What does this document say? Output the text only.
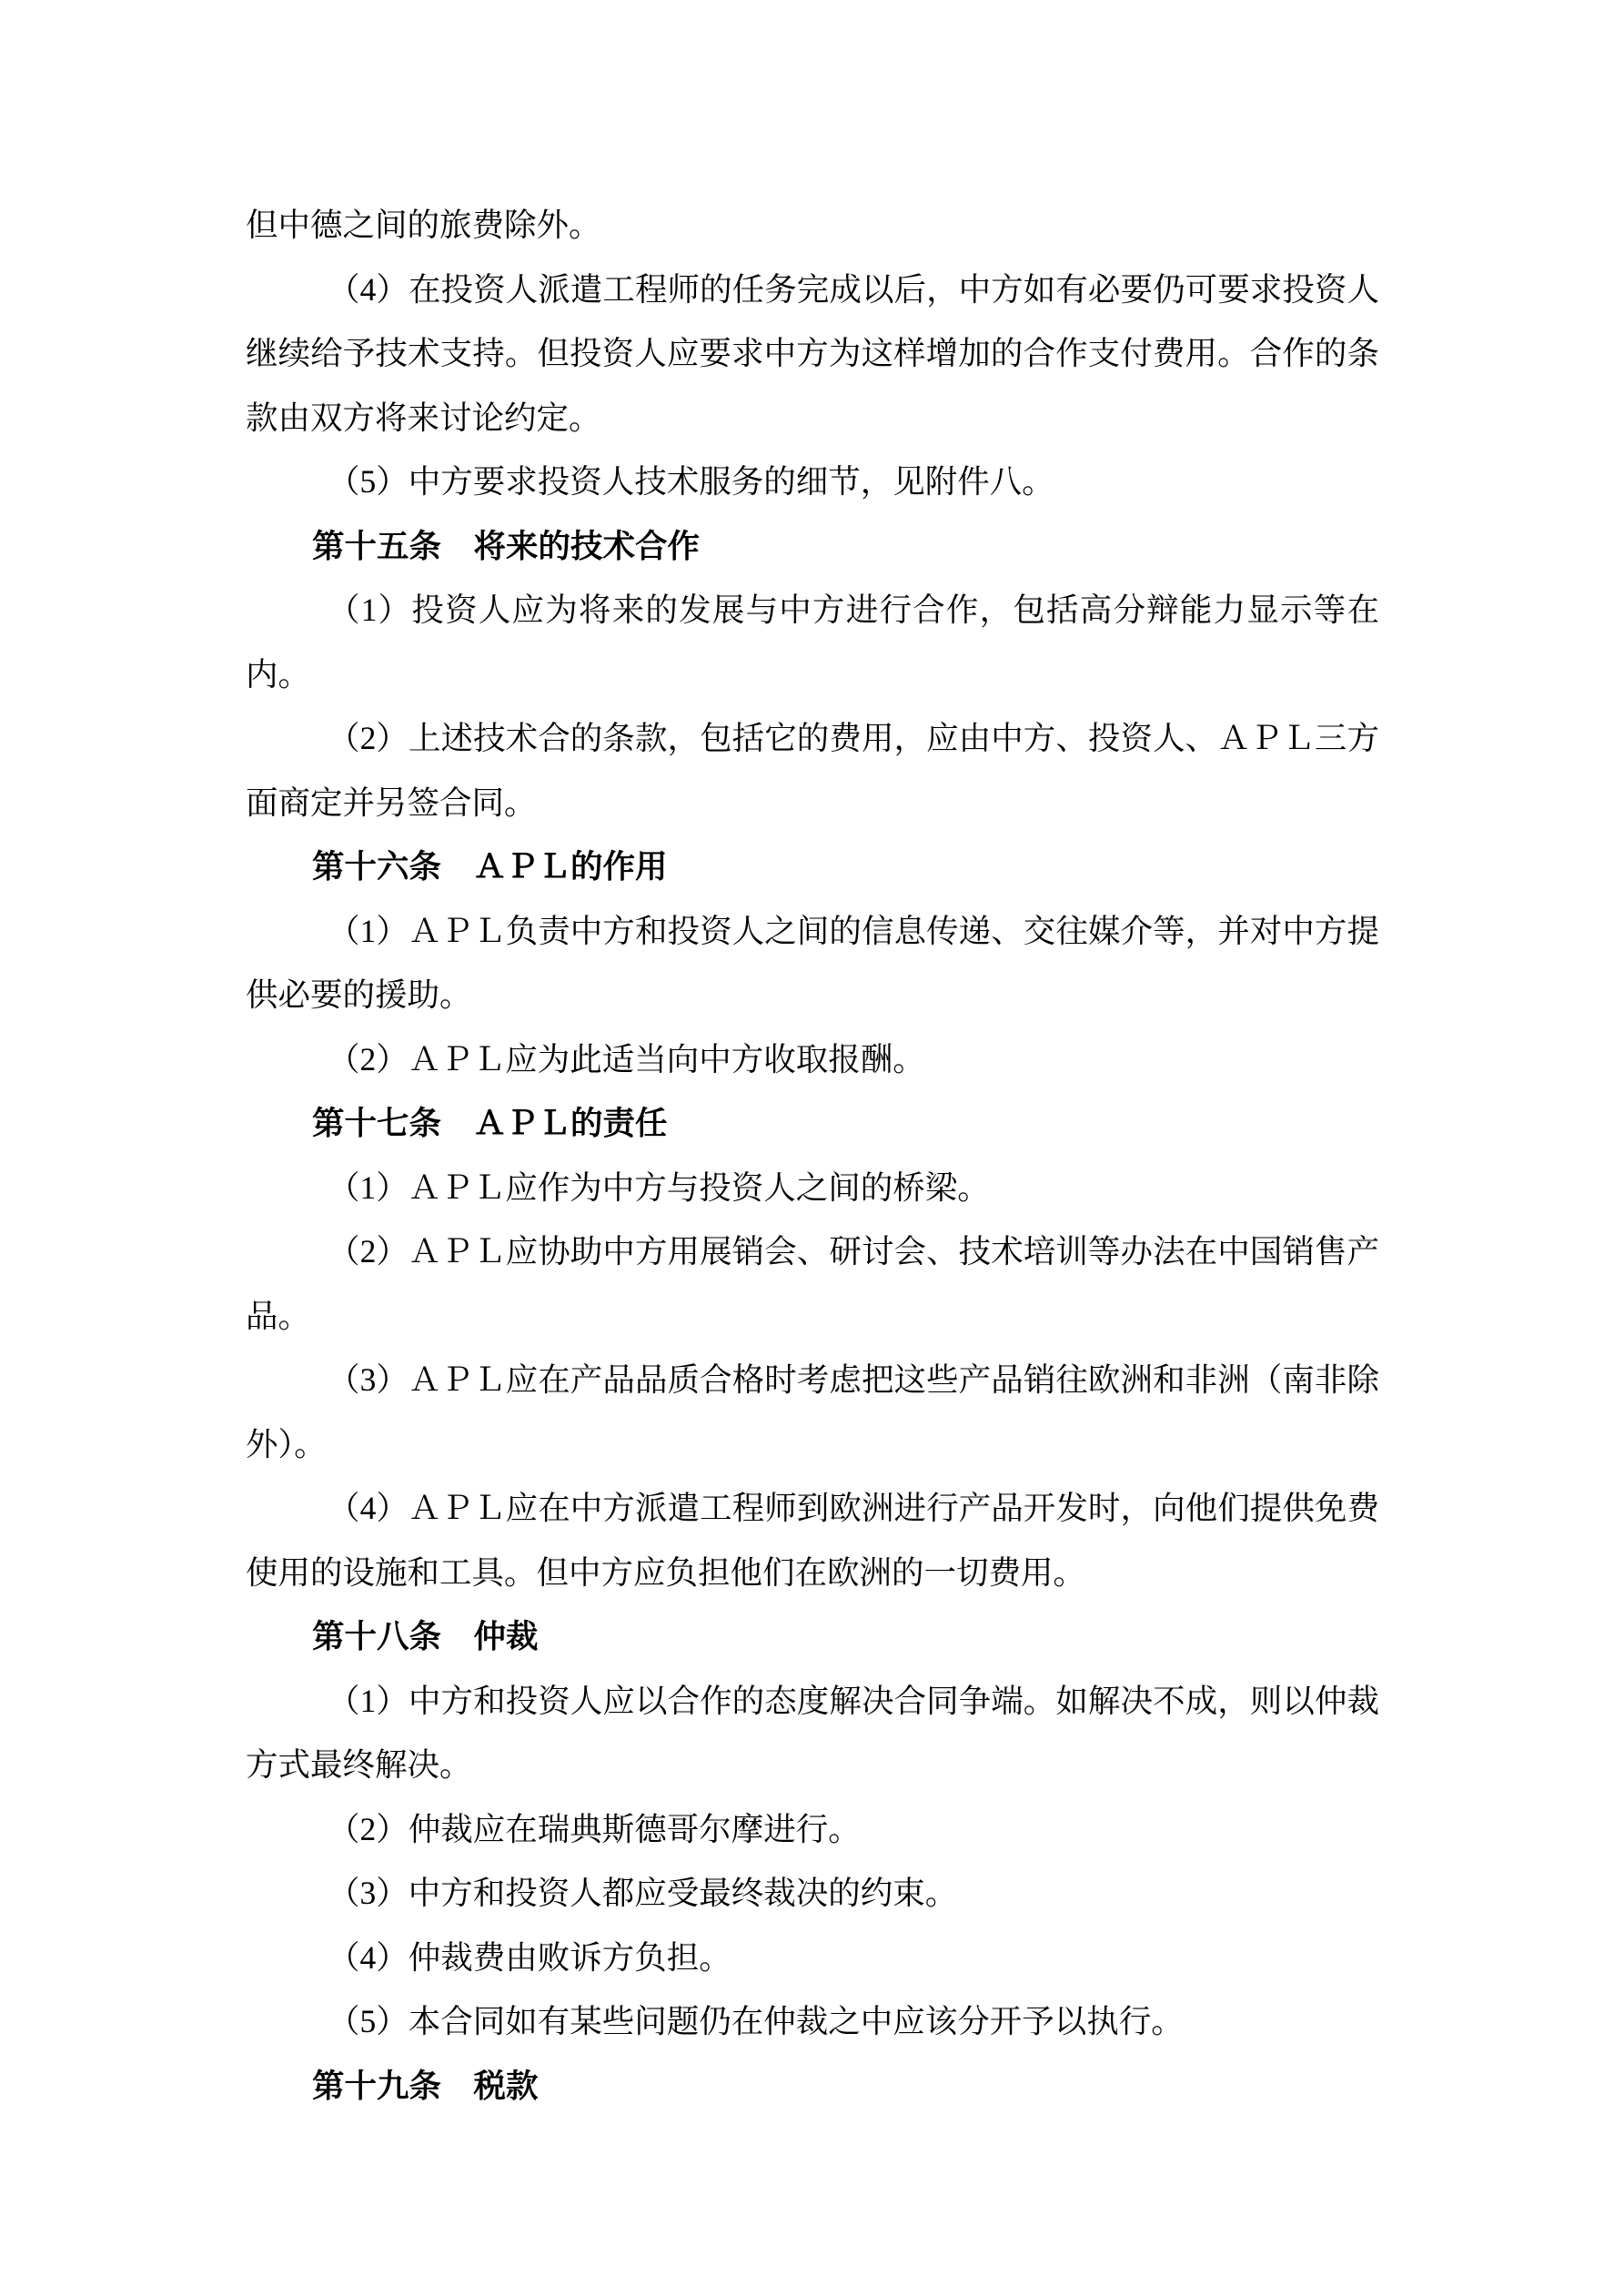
但中德之间的旅费除外。

（4）在投资人派遣工程师的任务完成以后，中方如有必要仍可要求投资人继续给予技术支持。但投资人应要求中方为这样增加的合作支付费用。合作的条款由双方将来讨论约定。

（5）中方要求投资人技术服务的细节，见附件八。

第十五条　将来的技术合作

（1）投资人应为将来的发展与中方进行合作，包括高分辩能力显示等在内。

（2）上述技术合的条款，包括它的费用，应由中方、投资人、ＡＰＬ三方面商定并另签合同。

第十六条　ＡＰＬ的作用

（1）ＡＰＬ负责中方和投资人之间的信息传递、交往媒介等，并对中方提供必要的援助。

（2）ＡＰＬ应为此适当向中方收取报酬。

第十七条　ＡＰＬ的责任

（1）ＡＰＬ应作为中方与投资人之间的桥梁。

（2）ＡＰＬ应协助中方用展销会、研讨会、技术培训等办法在中国销售产品。

（3）ＡＰＬ应在产品品质合格时考虑把这些产品销往欧洲和非洲（南非除外）。

（4）ＡＰＬ应在中方派遣工程师到欧洲进行产品开发时，向他们提供免费使用的设施和工具。但中方应负担他们在欧洲的一切费用。

第十八条　仲裁

（1）中方和投资人应以合作的态度解决合同争端。如解决不成，则以仲裁方式最终解决。

（2）仲裁应在瑞典斯德哥尔摩进行。

（3）中方和投资人都应受最终裁决的约束。

（4）仲裁费由败诉方负担。

（5）本合同如有某些问题仍在仲裁之中应该分开予以执行。

第十九条　税款
